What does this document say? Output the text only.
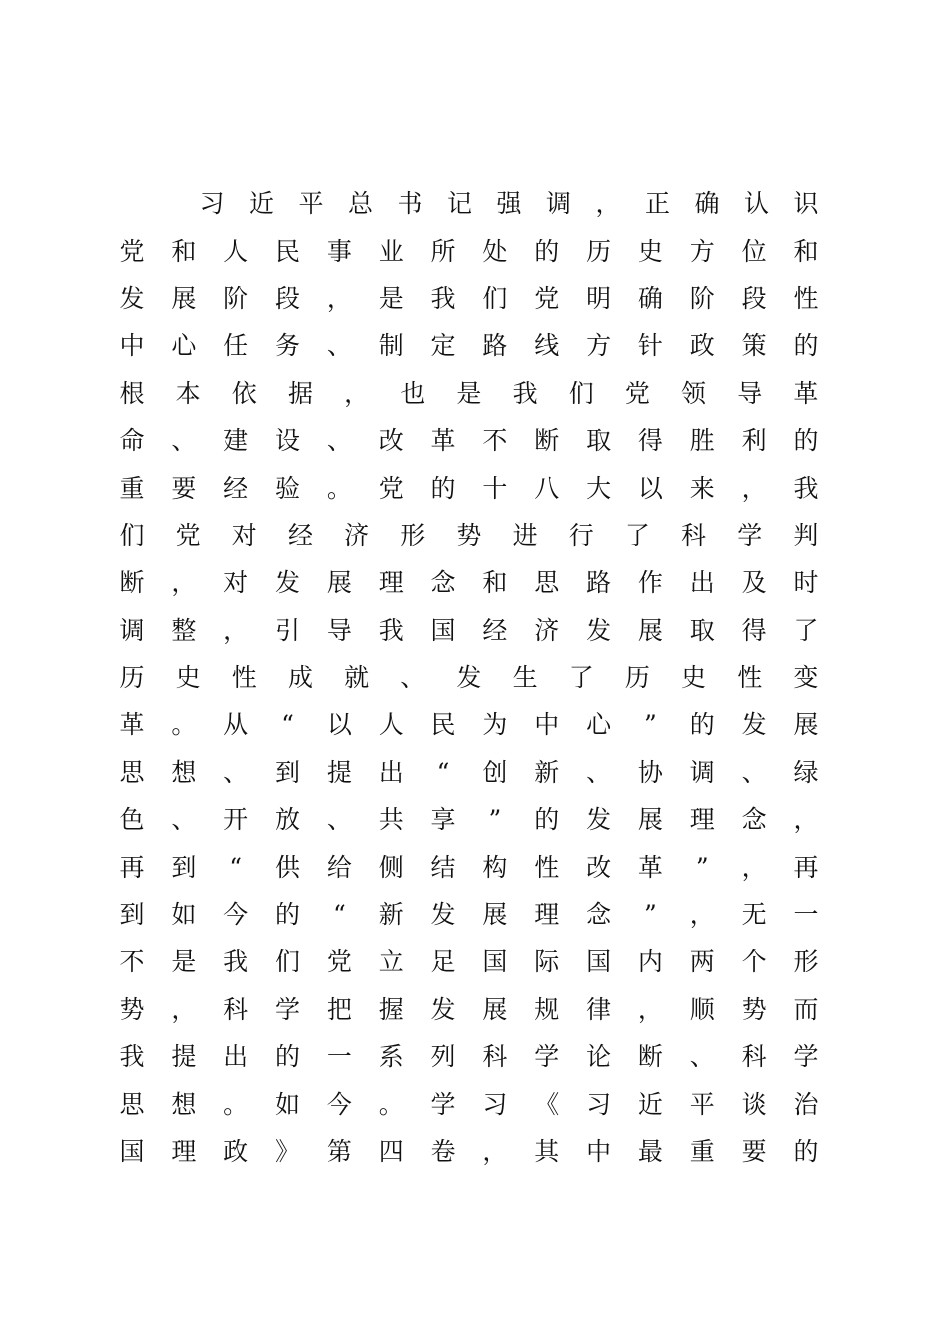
习 近 平 总 书 记 强 调 ， 正 确 认 识
党 和 人 民 事 业 所 处 的 历 史 方 位 和
发 展 阶 段 ， 是 我 们 党 明 确 阶 段 性
中 心 任 务 、 制 定 路 线 方 针 政 策 的
根 本 依 据 ， 也 是 我 们 党 领 导 革
命 、 建 设 、 改 革 不 断 取 得 胜 利 的
重 要 经 验 。 党 的 十 八 大 以 来 ， 我
们 党 对 经 济 形 势 进 行 了 科 学 判
断 ， 对 发 展 理 念 和 思 路 作 出 及 时
调 整 ， 引 导 我 国 经 济 发 展 取 得 了
历 史 性 成 就 、 发 生 了 历 史 性 变
革 。 从 “ 以 人 民 为 中 心 ” 的 发 展
思 想 、 到 提 出 “ 创 新 、 协 调 、 绿
色 、 开 放 、 共 享 ” 的 发 展 理 念 ，
再 到 “ 供 给 侧 结 构 性 改 革 ” ， 再
到 如 今 的 “ 新 发 展 理 念 ” ， 无 一
不 是 我 们 党 立 足 国 际 国 内 两 个 形
势 ， 科 学 把 握 发 展 规 律 ， 顺 势 而
我 提 出 的 一 系 列 科 学 论 断 、 科 学
思 想 。 如 今 。 学 习 《 习 近 平 谈 治
国 理 政 》 第 四 卷 ， 其 中 最 重 要 的
